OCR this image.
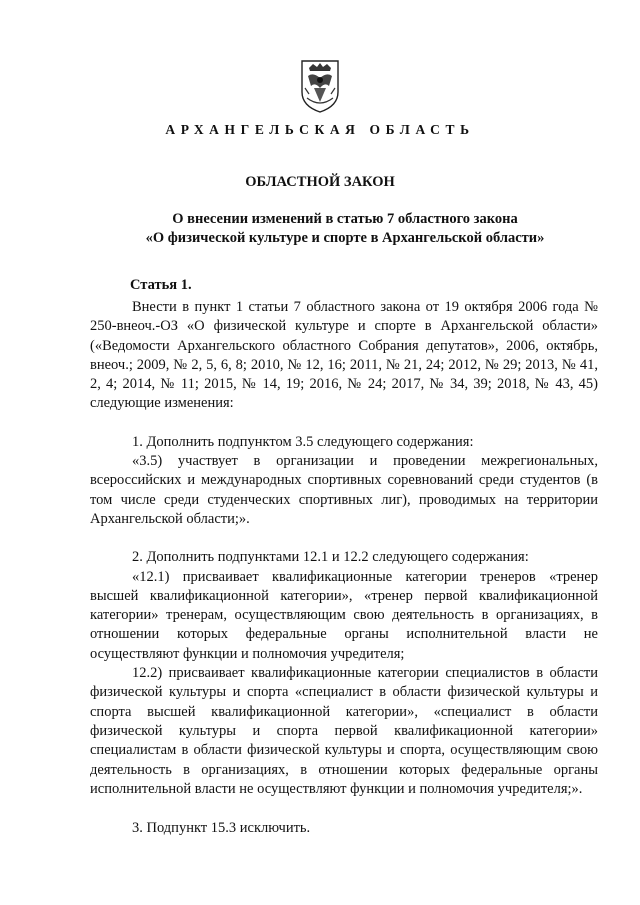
АРХАНГЕЛЬСКАЯ ОБЛАСТЬ
ОБЛАСТНОЙ ЗАКОН
О внесении изменений в статью 7 областного закона
«О физической культуре и спорте в Архангельской области»
Статья 1.

Внести в пункт 1 статьи 7 областного закона от 19 октября 2006 года № 250-внеоч.-ОЗ «О физической культуре и спорте в Архангельской области» («Ведомости Архангельского областного Собрания депутатов», 2006, октябрь, внеоч.; 2009, № 2, 5, 6, 8; 2010, № 12, 16; 2011, № 21, 24; 2012, № 29; 2013, № 41, 2, 4; 2014, № 11; 2015, № 14, 19; 2016, № 24; 2017, № 34, 39; 2018, № 43, 45) следующие изменения:

1. Дополнить подпунктом 3.5 следующего содержания:

«3.5) участвует в организации и проведении межрегиональных, всероссийских и международных спортивных соревнований среди студентов (в том числе среди студенческих спортивных лиг), проводимых на территории Архангельской области;».

2. Дополнить подпунктами 12.1 и 12.2 следующего содержания:

«12.1) присваивает квалификационные категории тренеров «тренер высшей квалификационной категории», «тренер первой квалификационной категории» тренерам, осуществляющим свою деятельность в организациях, в отношении которых федеральные органы исполнительной власти не осуществляют функции и полномочия учредителя;

12.2) присваивает квалификационные категории специалистов в области физической культуры и спорта «специалист в области физической культуры и спорта высшей квалификационной категории», «специалист в области физической культуры и спорта первой квалификационной категории» специалистам в области физической культуры и спорта, осуществляющим свою деятельность в организациях, в отношении которых федеральные органы исполнительной власти не осуществляют функции и полномочия учредителя;».

3. Подпункт 15.3 исключить.
